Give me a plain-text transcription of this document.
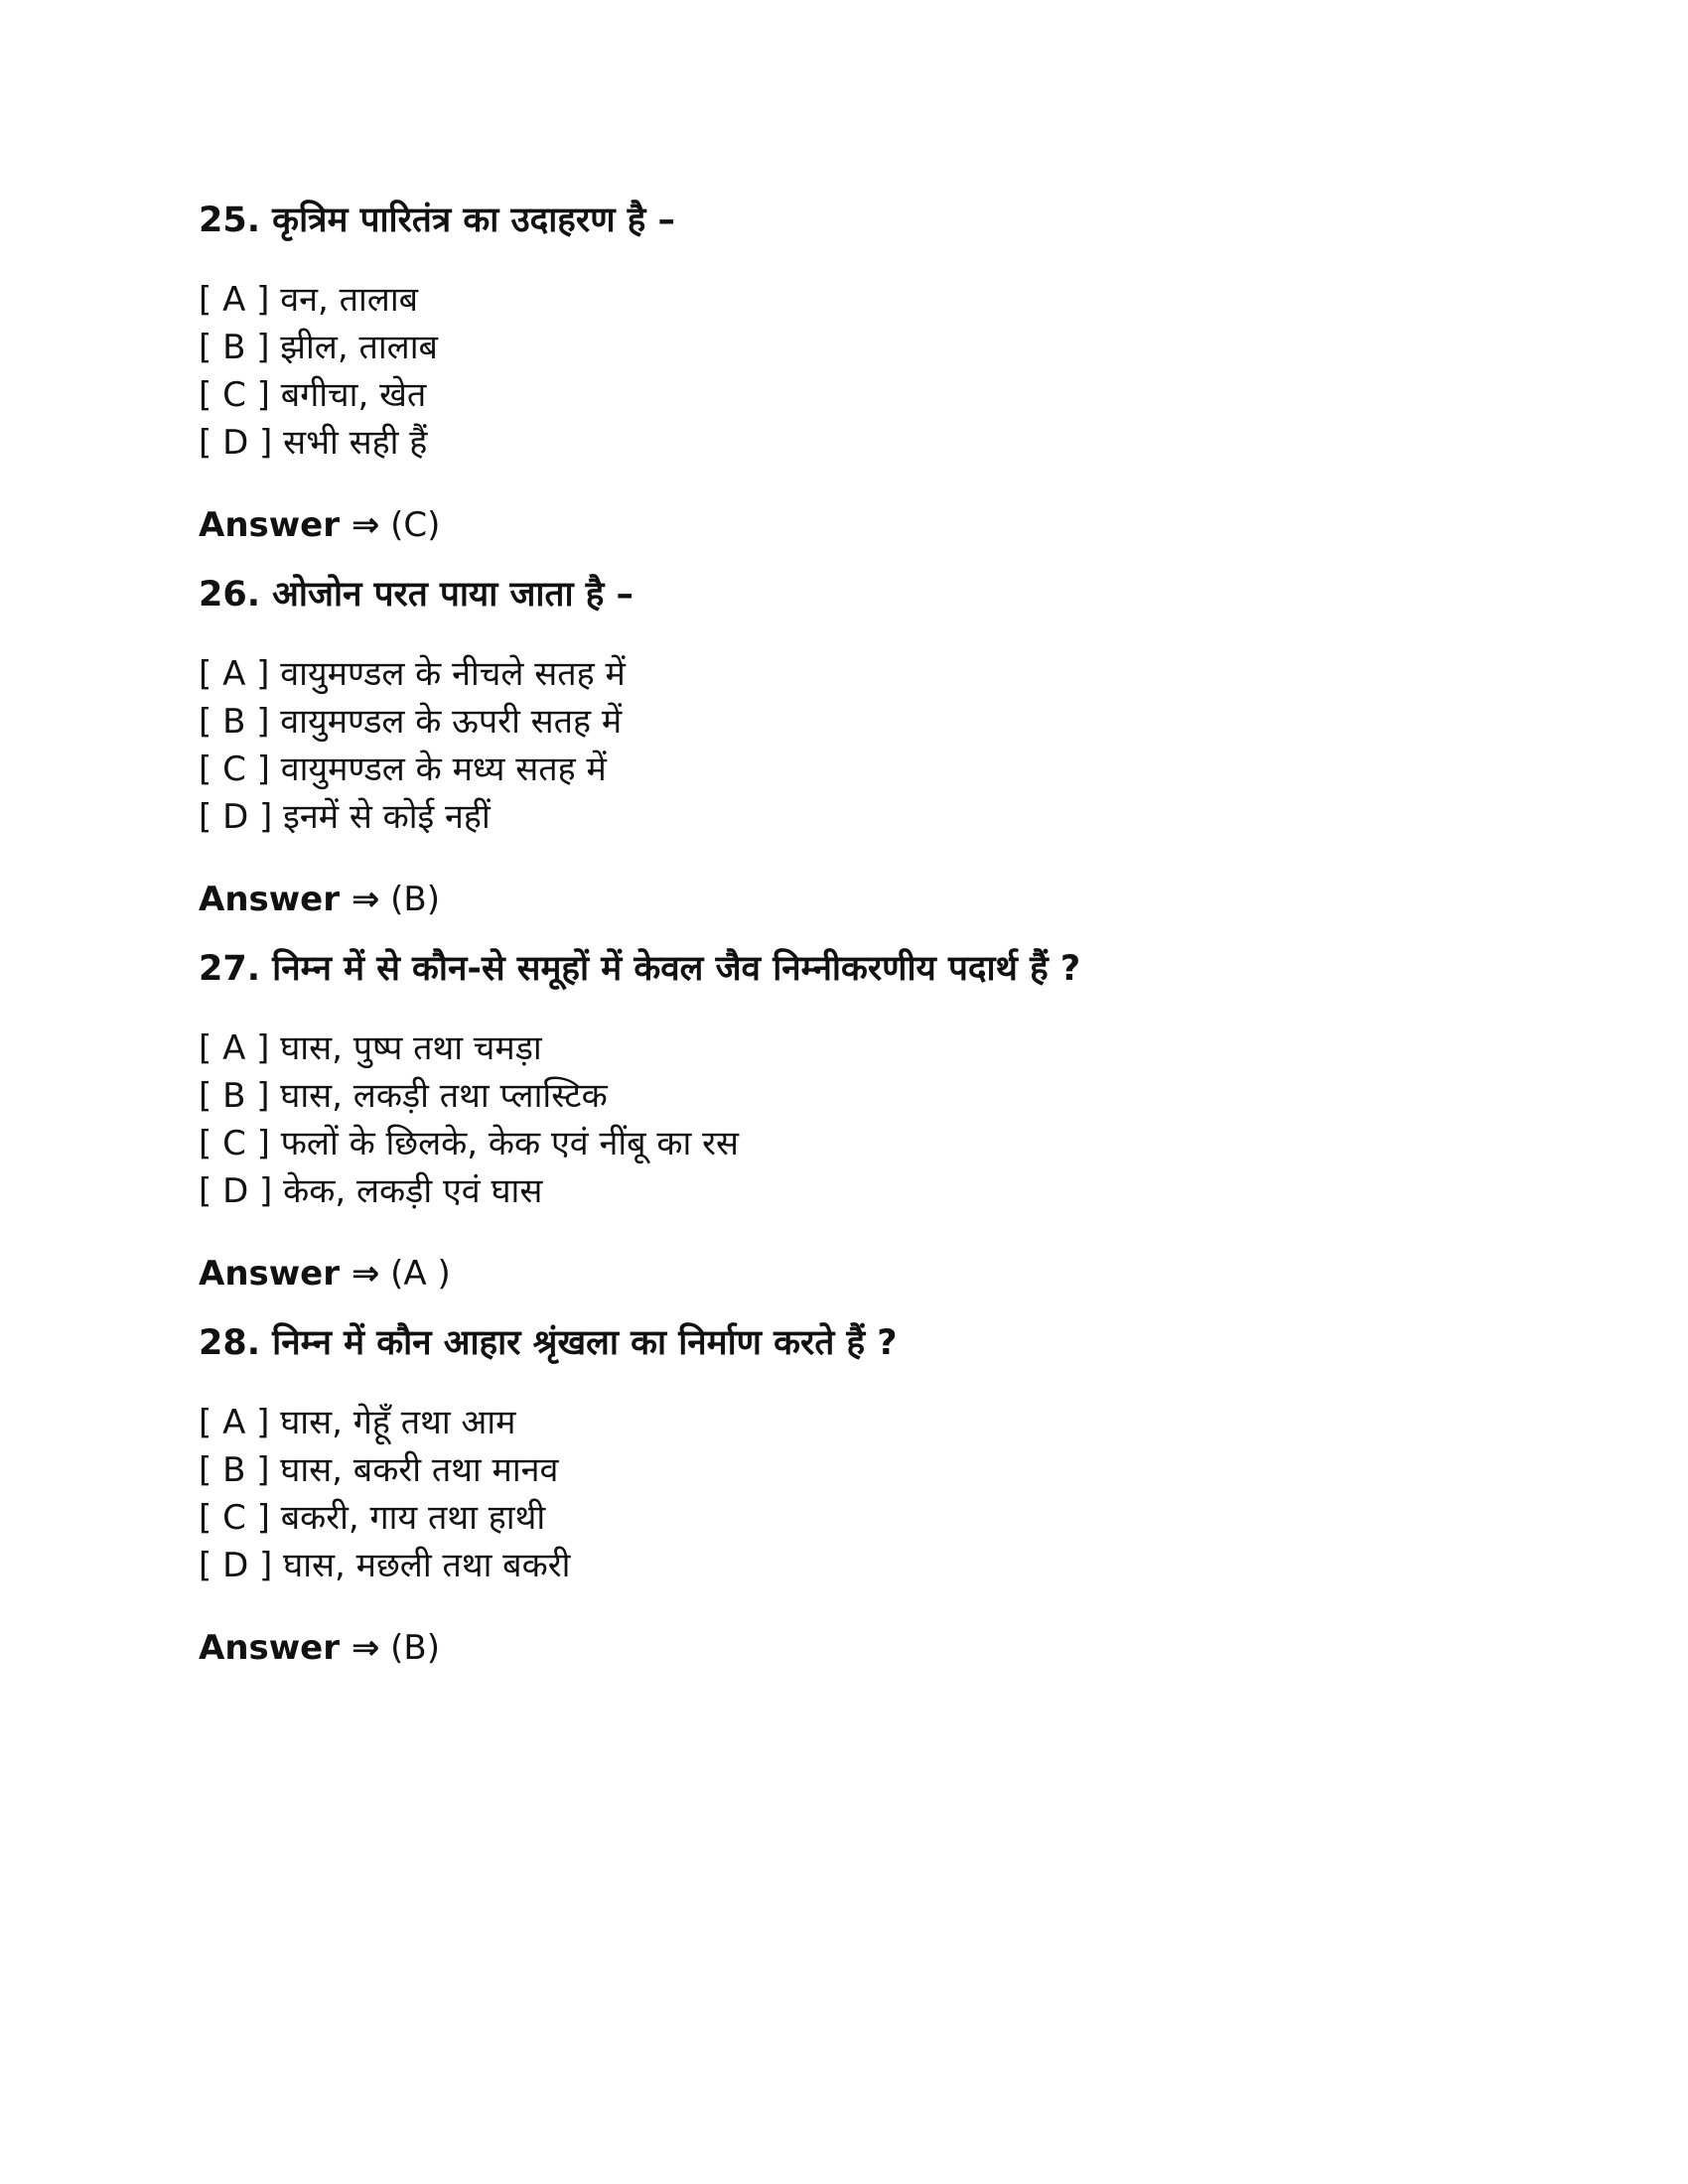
25. कृत्रिम पारितंत्र का उदाहरण है –
[ A ] वन, तालाब
[ B ] झील, तालाब
[ C ] बगीचा, खेत
[ D ] सभी सही हैं
Answer ⇒ (C)
26. ओजोन परत पाया जाता है –
[ A ] वायुमण्डल के नीचले सतह में
[ B ] वायुमण्डल के ऊपरी सतह में
[ C ] वायुमण्डल के मध्य सतह में
[ D ] इनमें से कोई नहीं
Answer ⇒ (B)
27. निम्न में से कौन-से समूहों में केवल जैव निम्नीकरणीय पदार्थ हैं ?
[ A ] घास, पुष्प तथा चमड़ा
[ B ] घास, लकड़ी तथा प्लास्टिक
[ C ] फलों के छिलके, केक एवं नींबू का रस
[ D ] केक, लकड़ी एवं घास
Answer ⇒ (A )
28. निम्न में कौन आहार श्रृंखला का निर्माण करते हैं ?
[ A ] घास, गेहूँ तथा आम
[ B ] घास, बकरी तथा मानव
[ C ] बकरी, गाय तथा हाथी
[ D ] घास, मछली तथा बकरी
Answer ⇒ (B)
